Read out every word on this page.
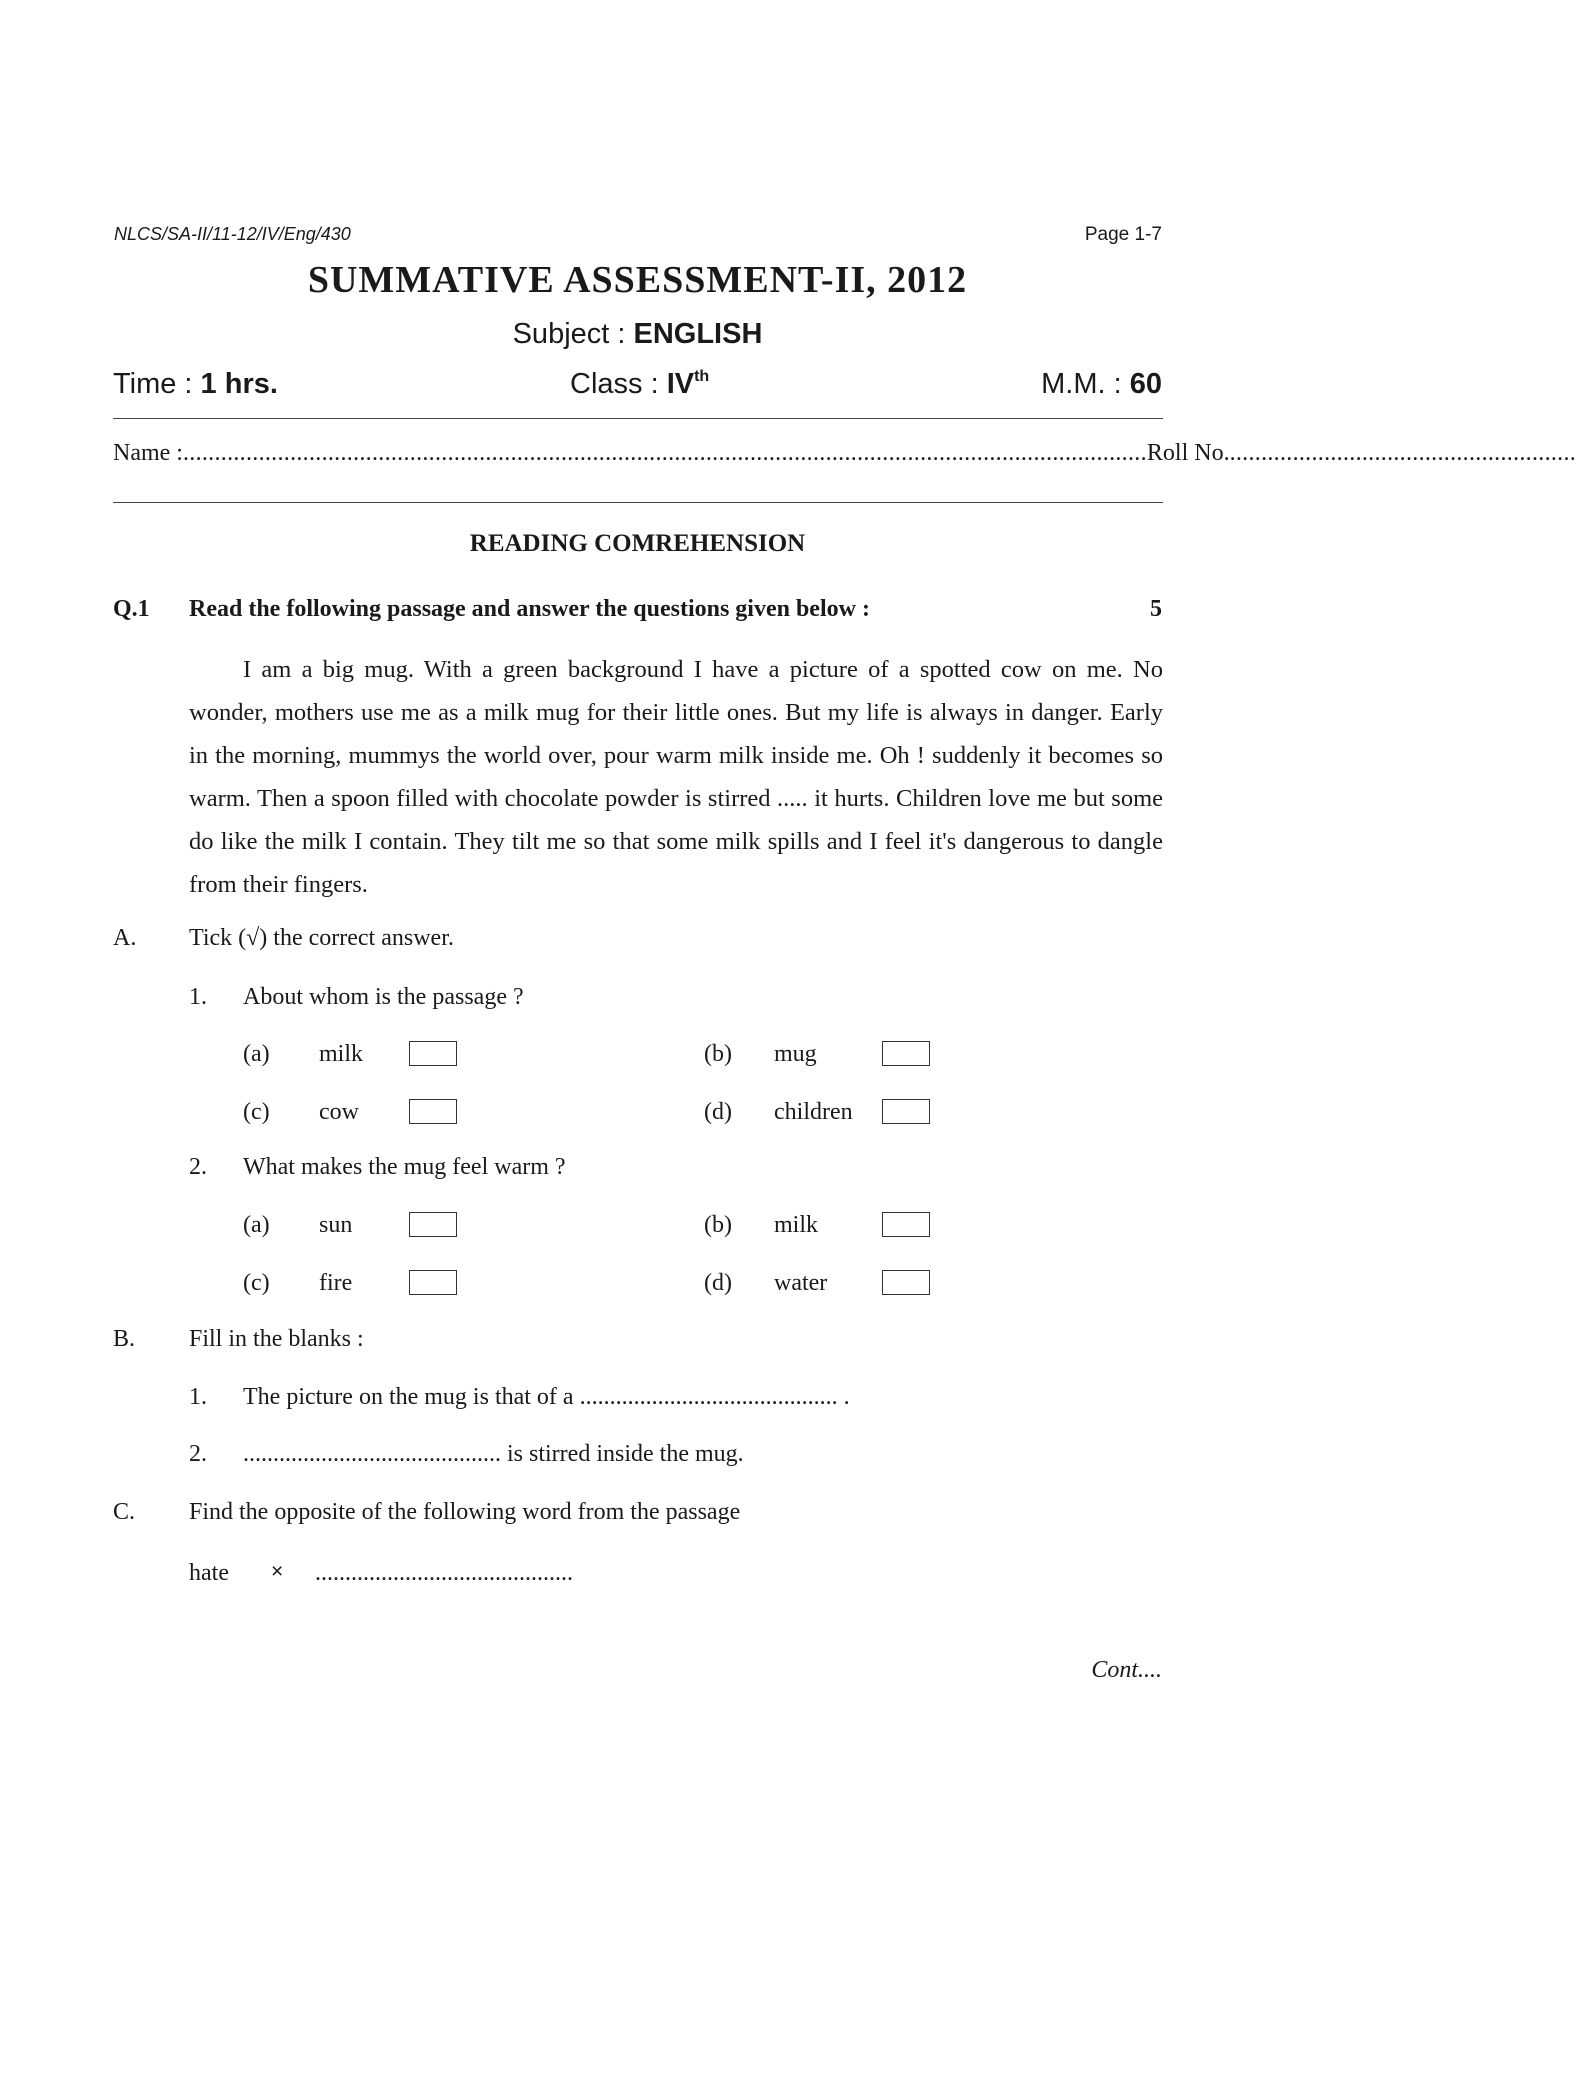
NLCS/SA-II/11-12/IV/Eng/430	Page 1-7
SUMMATIVE ASSESSMENT-II, 2012
Subject : ENGLISH
Time : 1 hrs.	Class : IVth	M.M. : 60
Name : ......................................................................................................................................................... Roll No. .......................................................
READING COMREHENSION
Q.1 Read the following passage and answer the questions given below :	5
I am a big mug. With a green background I have a picture of a spotted cow on me. No wonder, mothers use me as a milk mug for their little ones. But my life is always in danger. Early in the morning, mummys the world over, pour warm milk inside me. Oh ! suddenly it becomes so warm. Then a spoon filled with chocolate powder is stirred ..... it hurts. Children love me but some do like the milk I contain. They tilt me so that some milk spills and I feel it's dangerous to dangle from their fingers.
A. Tick (√) the correct answer.
1. About whom is the passage ?
(a) milk	(b) mug
(c) cow	(d) children
2. What makes the mug feel warm ?
(a) sun	(b) milk
(c) fire	(d) water
B. Fill in the blanks :
1. The picture on the mug is that of a ........................................... .
2. ........................................... is stirred inside the mug.
C. Find the opposite of the following word from the passage
hate × ...........................................
Cont....
